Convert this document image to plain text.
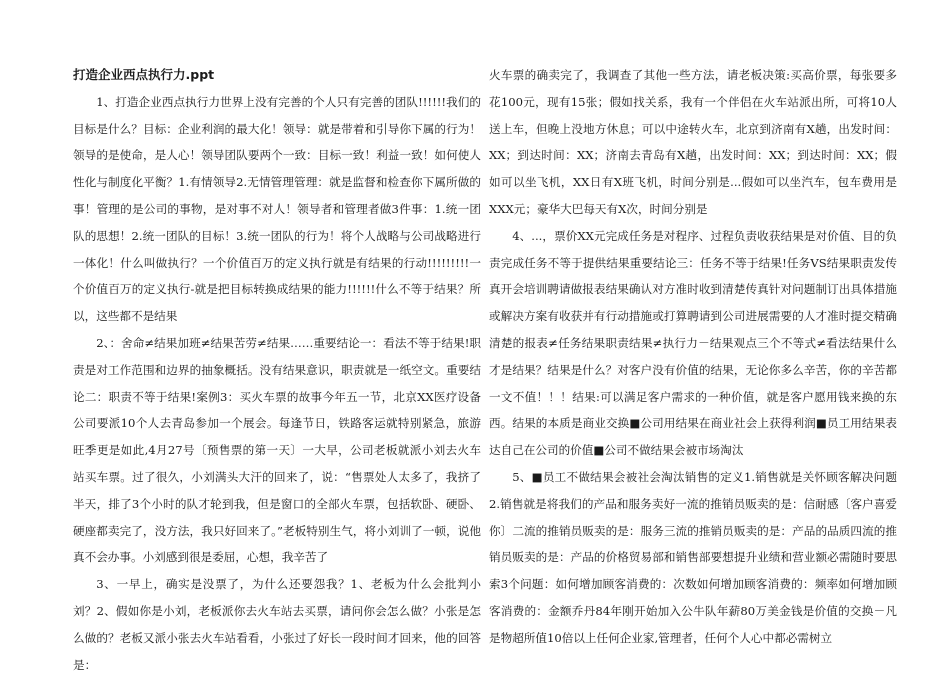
打造企业西点执行力.ppt

1、打造企业西点执行力世界上没有完善的个人只有完善的团队!!!!!!我们的目标是什么？目标：企业利润的最大化！领导：就是带着和引导你下属的行为！领导的是使命，是人心！领导团队要两个一致：目标一致！利益一致！如何使人性化与制度化平衡？1.有情领导2.无情管理管理：就是监督和检查你下属所做的事！管理的是公司的事物，是对事不对人！领导者和管理者做3件事：1.统一团队的思想！2.统一团队的目标！3.统一团队的行为！将个人战略与公司战略进行一体化！什么叫做执行？一个价值百万的定义执行就是有结果的行动!!!!!!!!!一个价值百万的定义执行-就是把目标转换成结果的能力!!!!!!什么不等于结果？所以，这些都不是结果

2、：舍命≠结果加班≠结果苦劳≠结果……重要结论一：看法不等于结果!职责是对工作范围和边界的抽象概括。没有结果意识，职责就是一纸空文。重要结论二：职责不等于结果!案例3：买火车票的故事今年五一节，北京XX医疗设备公司要派10个人去青岛参加一个展会。每逢节日，铁路客运就特别紧急，旅游旺季更是如此,4月27号〔预售票的第一天〕一大早，公司老板就派小刘去火车站买车票。过了很久，小刘满头大汗的回来了，说：“售票处人太多了，我挤了半天，排了3个小时的队才轮到我，但是窗口的全部火车票，包括软卧、硬卧、硬座都卖完了，没方法，我只好回来了。”老板特别生气，将小刘训了一顿，说他真不会办事。小刘感到很是委屈，心想，我辛苦了

3、一早上，确实是没票了，为什么还要怨我？1、老板为什么会批判小刘？2、假如你是小刘，老板派你去火车站去买票，请问你会怎么做？小张是怎么做的？老板又派小张去火车站看看，小张过了好长一段时间才回来，他的回答是：

火车票的确卖完了，我调查了其他一些方法，请老板决策:买高价票，每张要多花100元，现有15张；假如找关系，我有一个伴侣在火车站派出所，可将10人送上车，但晚上没地方休息；可以中途转火车，北京到济南有X趟，出发时间：XX；到达时间：XX；济南去青岛有X趟，出发时间：XX；到达时间：XX；假如可以坐飞机，XX日有X班飞机，时间分别是...假如可以坐汽车，包车费用是XXX元；豪华大巴每天有X次，时间分别是

4、...，票价XX元完成任务是对程序、过程负责收获结果是对价值、目的负责完成任务不等于提供结果重要结论三：任务不等于结果!任务VS结果职责发传真开会培训聘请做报表结果确认对方准时收到清楚传真针对问题制订出具体措施或解决方案有收获并有行动措施或打算聘请到公司进展需要的人才准时提交精确清楚的报表≠任务结果职责结果≠执行力－结果观点三个不等式≠看法结果什么才是结果？结果是什么？对客户没有价值的结果，无论你多么辛苦，你的辛苦都一文不值！！！结果:可以满足客户需求的一种价值，就是客户愿用钱来换的东西。结果的本质是商业交换■公司用结果在商业社会上获得利润■员工用结果表达自己在公司的价值■公司不做结果会被市场淘汰

5、■员工不做结果会被社会淘汰销售的定义1.销售就是关怀顾客解决问题2.销售就是将我们的产品和服务卖好一流的推销员贩卖的是：信耐感〔客户喜爱你〕二流的推销员贩卖的是：服务三流的推销员贩卖的是：产品的品质四流的推销员贩卖的是：产品的价格贸易部和销售部要想提升业绩和营业额必需随时要思索3个问题：如何增加顾客消费的：次数如何增加顾客消费的：频率如何增加顾客消费的：金额乔丹84年刚开始加入公牛队年薪80万美金钱是价值的交换－凡是物超所值10倍以上任何企业家,管理者，任何个人心中都必需树立
